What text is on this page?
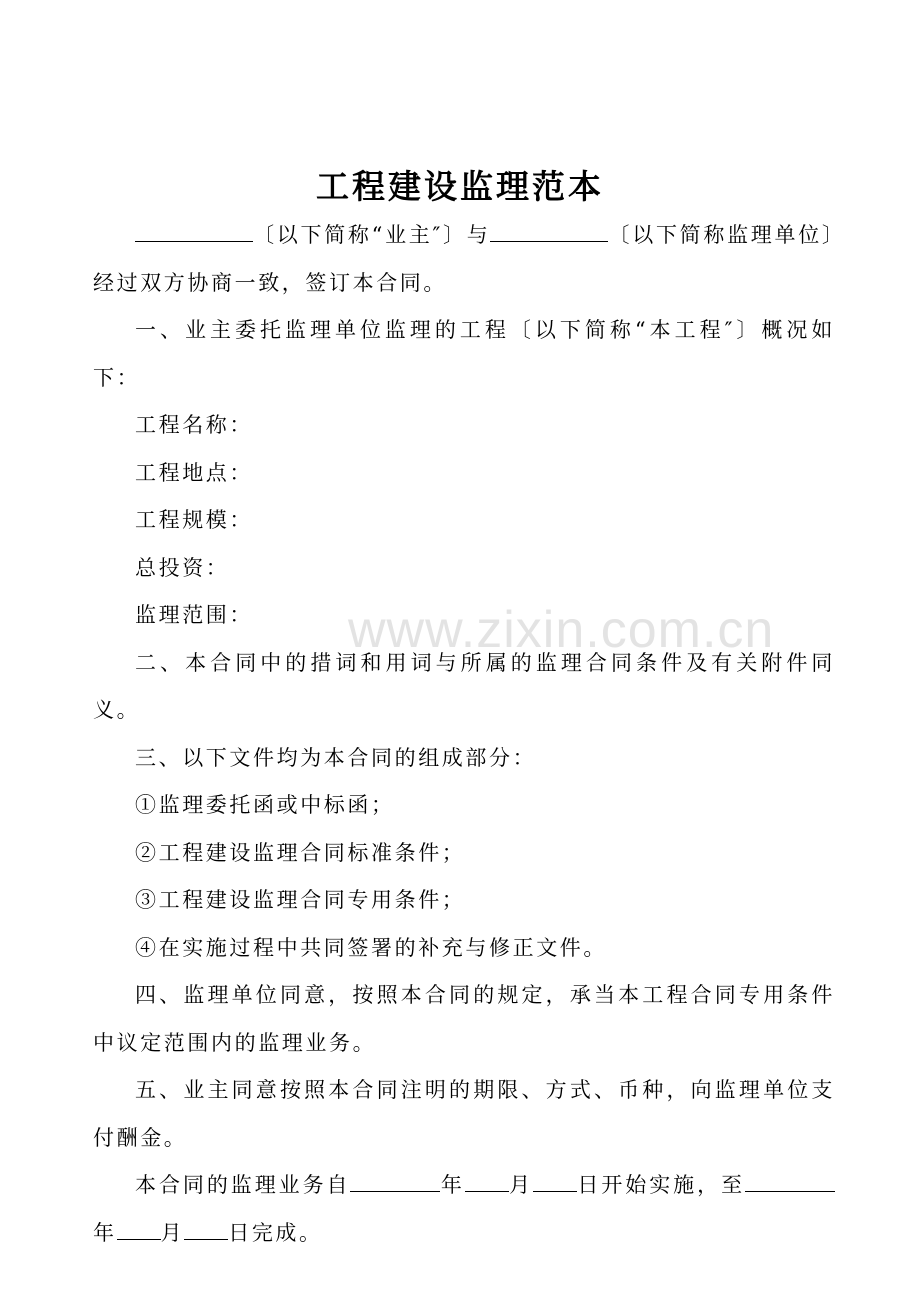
www.zixin.com.cn
工程建设监理范本

〔以下简称“业主″〕与	〔以下简称监理单位〕经过双方协商一致，签订本合同。

一、业主委托监理单位监理的工程〔以下简称“本工程″〕概况如下：

工程名称：

工程地点：

工程规模：

总投资：

监理范围：

二、本合同中的措词和用词与所属的监理合同条件及有关附件同义。

三、以下文件均为本合同的组成部分：

①监理委托函或中标函；

②工程建设监理合同标准条件；

③工程建设监理合同专用条件；

④在实施过程中共同签署的补充与修正文件。

四、监理单位同意，按照本合同的规定，承当本工程合同专用条件中议定范围内的监理业务。

五、业主同意按照本合同注明的期限、方式、币种，向监理单位支付酬金。

本合同的监理业务自	年 月 日开始实施，至年 月 日完成。
